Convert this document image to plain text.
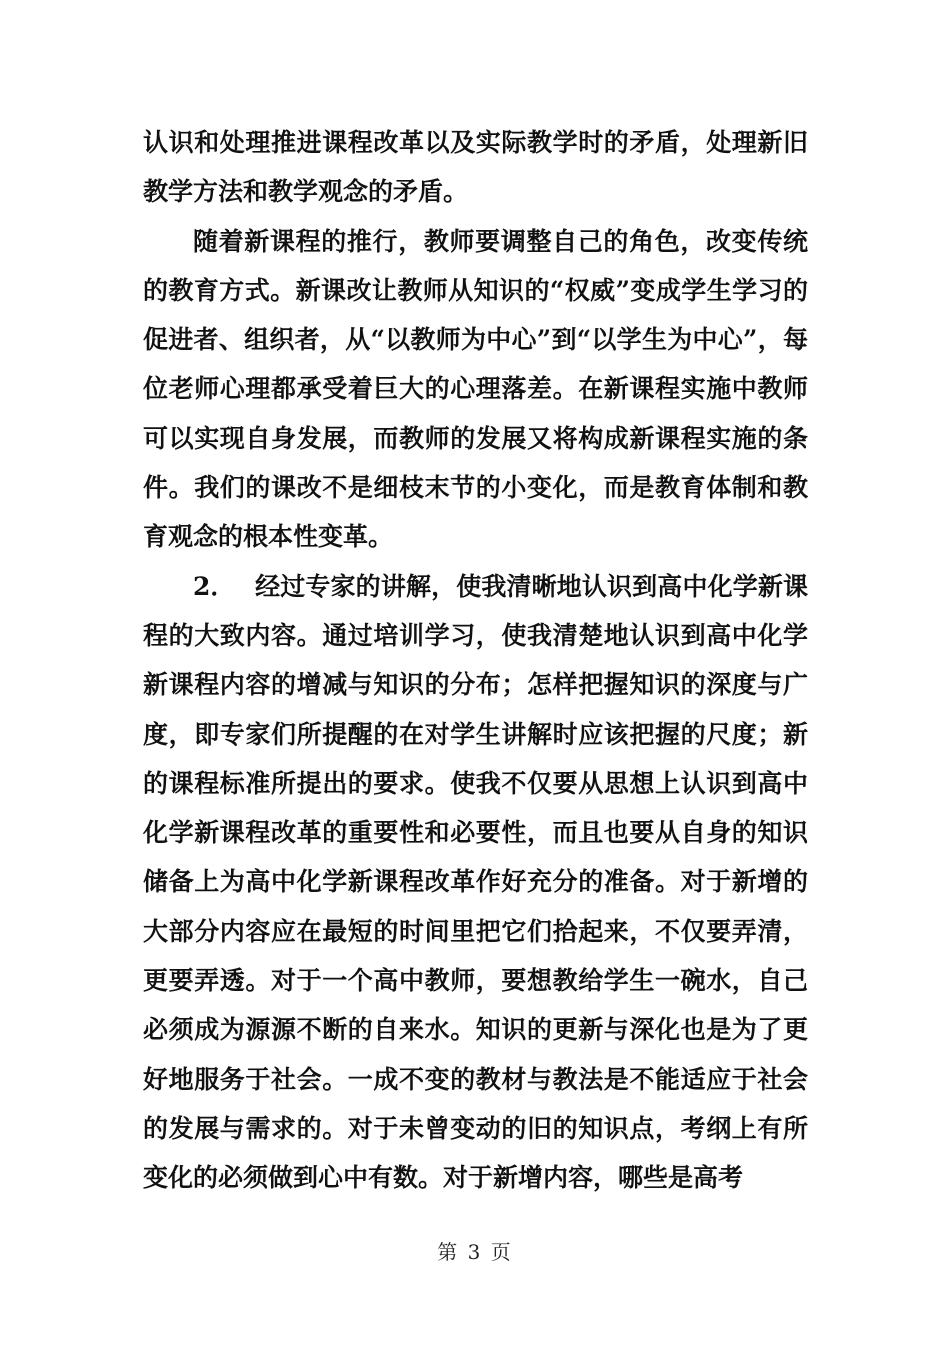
认识和处理推进课程改革以及实际教学时的矛盾，处理新旧教学方法和教学观念的矛盾。

随着新课程的推行，教师要调整自己的角色，改变传统的教育方式。新课改让教师从知识的“权威”变成学生学习的促进者、组织者，从“以教师为中心”到“以学生为中心”，每位老师心理都承受着巨大的心理落差。在新课程实施中教师可以实现自身发展，而教师的发展又将构成新课程实施的条件。我们的课改不是细枝末节的小变化，而是教育体制和教育观念的根本性变革。

2． 经过专家的讲解，使我清晰地认识到高中化学新课程的大致内容。通过培训学习，使我清楚地认识到高中化学新课程内容的增减与知识的分布；怎样把握知识的深度与广度，即专家们所提醒的在对学生讲解时应该把握的尺度；新的课程标准所提出的要求。使我不仅要从思想上认识到高中化学新课程改革的重要性和必要性，而且也要从自身的知识储备上为高中化学新课程改革作好充分的准备。对于新增的大部分内容应在最短的时间里把它们拾起来，不仅要弄清，更要弄透。对于一个高中教师，要想教给学生一碗水，自己必须成为源源不断的自来水。知识的更新与深化也是为了更好地服务于社会。一成不变的教材与教法是不能适应于社会的发展与需求的。对于未曾变动的旧的知识点，考纲上有所变化的必须做到心中有数。对于新增内容，哪些是高考

第 3 页
